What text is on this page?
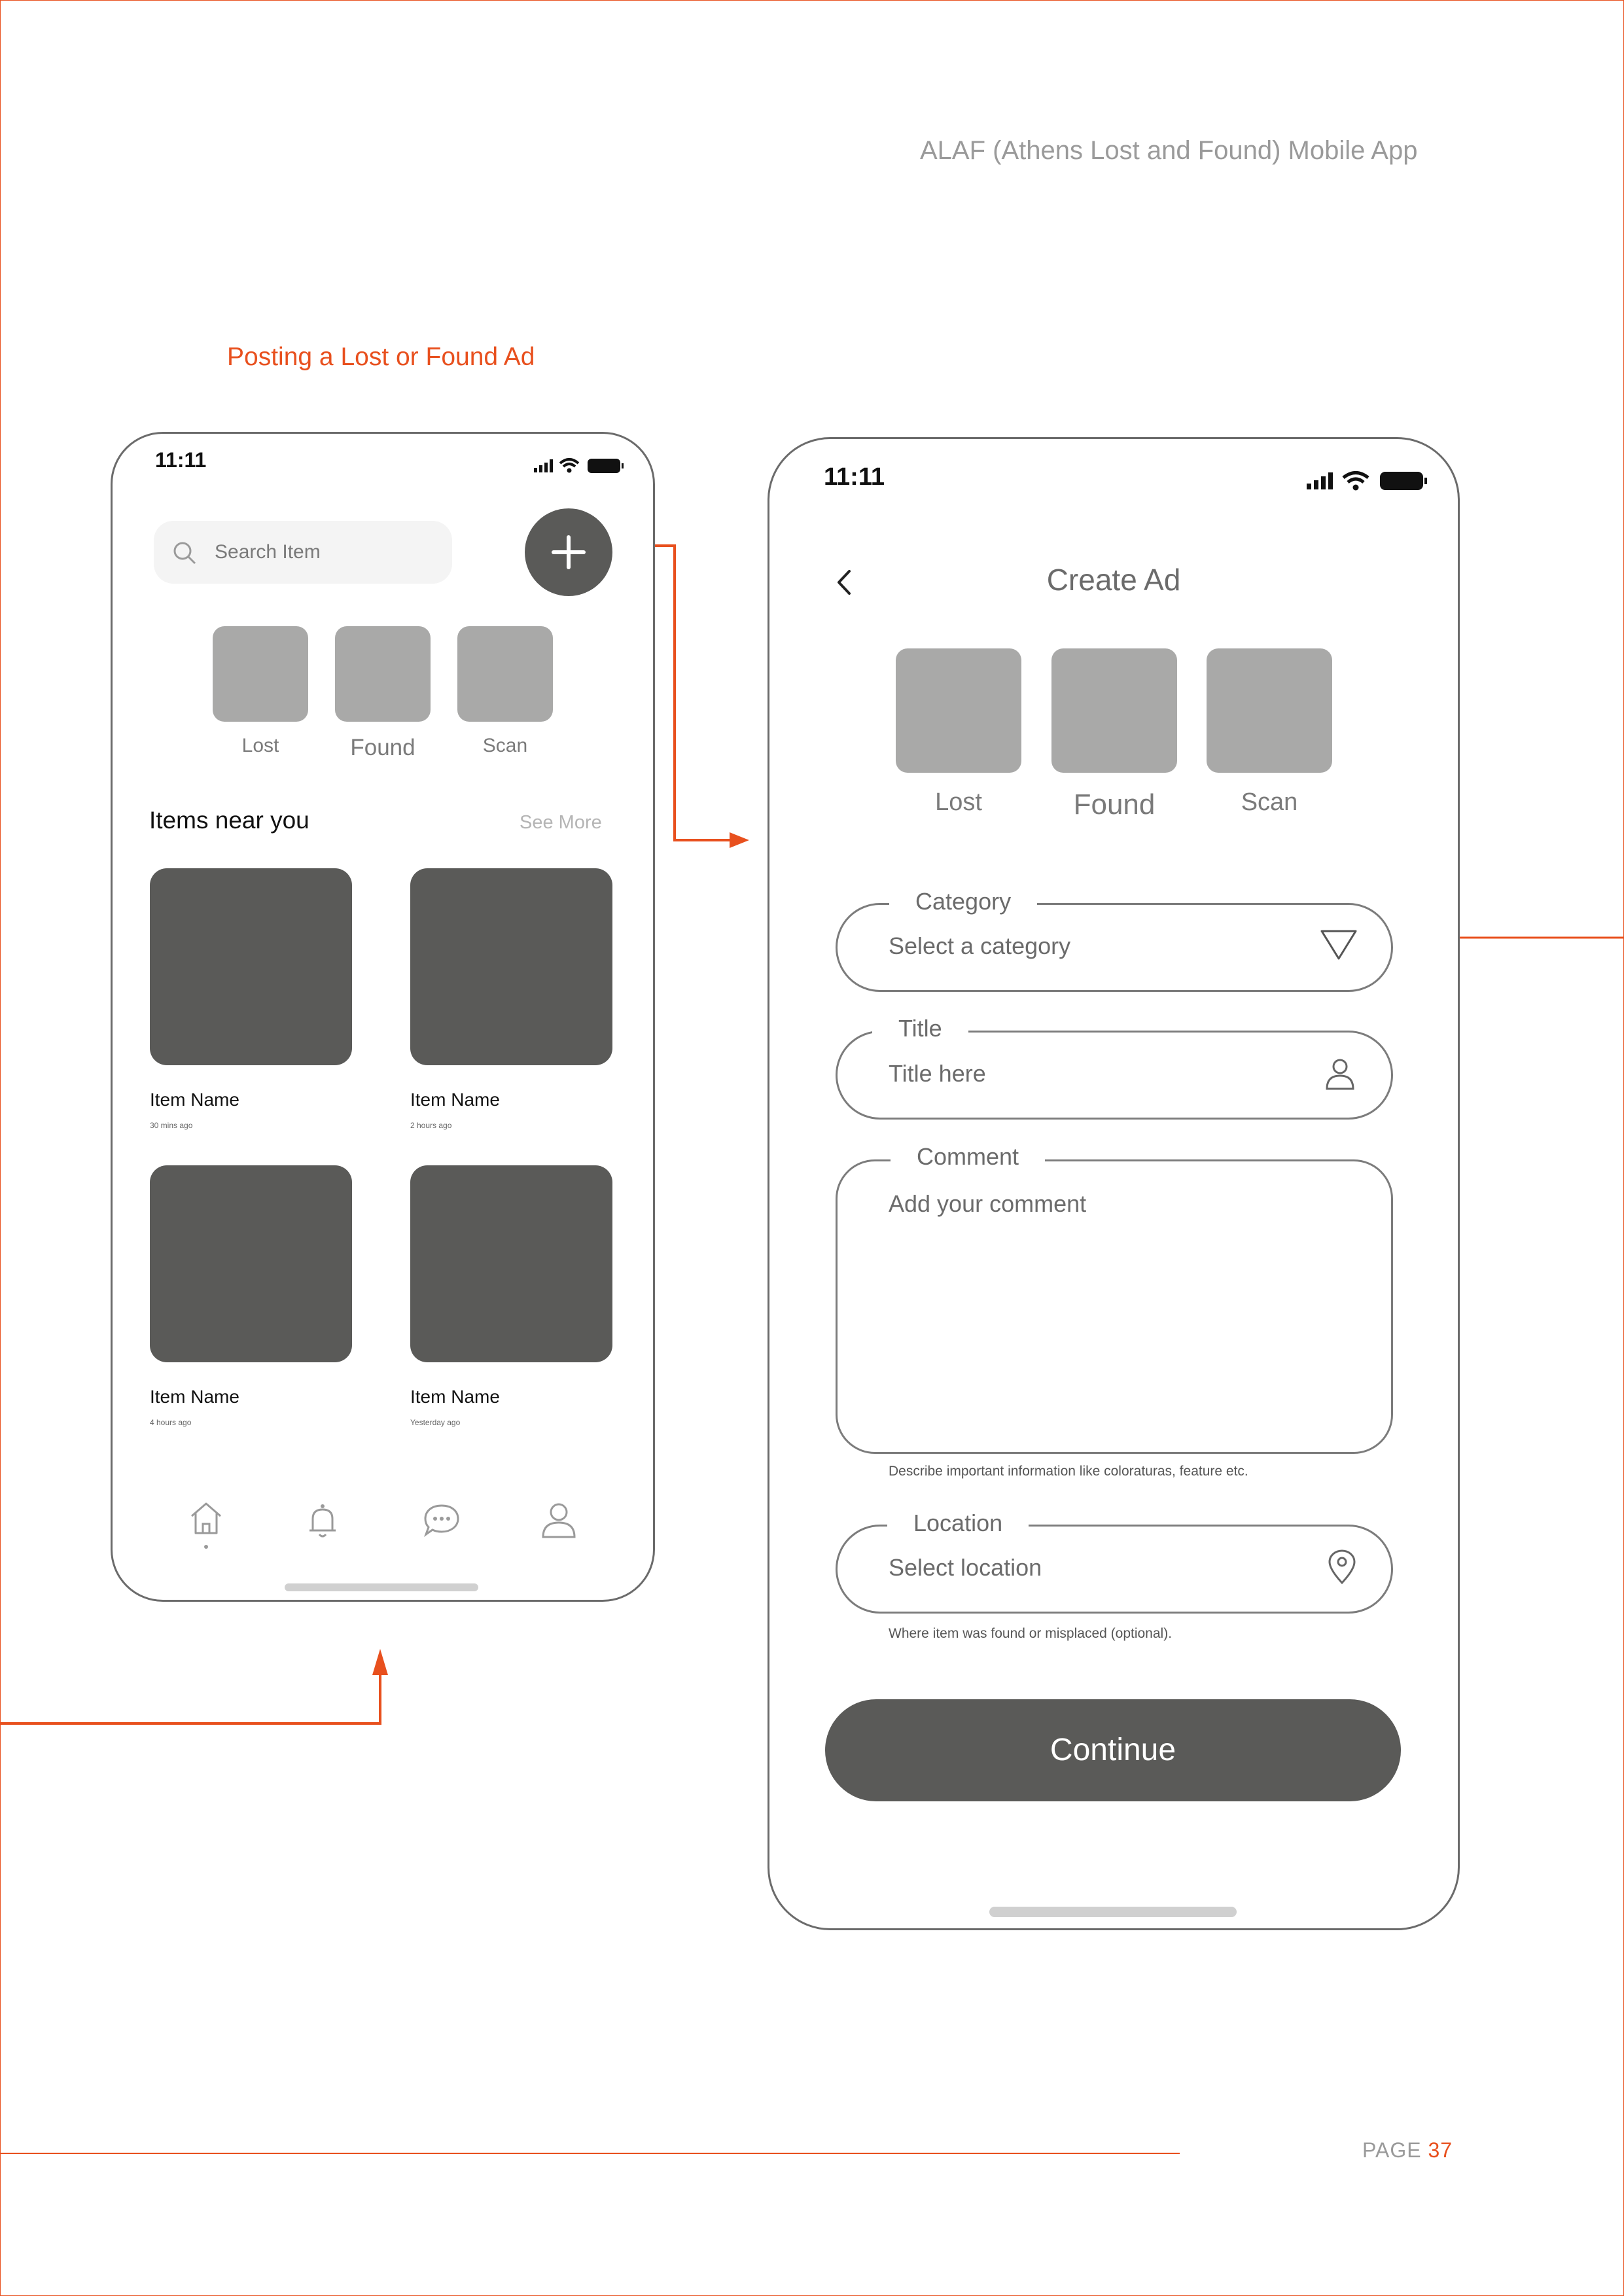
ALAF (Athens Lost and Found) Mobile App
Posting a Lost or Found Ad
11:11
Search Item
Lost	Found	Scan
Items near you	See More
Item Name
30 mins ago
Item Name
2 hours ago
Item Name
4 hours ago
Item Name
Yesterday ago
11:11
Create Ad
Lost	Found	Scan
Select a category
Category
Title here
Title
Add your comment
Comment
Describe important information like coloraturas, feature etc.
Select location
Location
Where item was found or misplaced (optional).
Continue
PAGE 37
